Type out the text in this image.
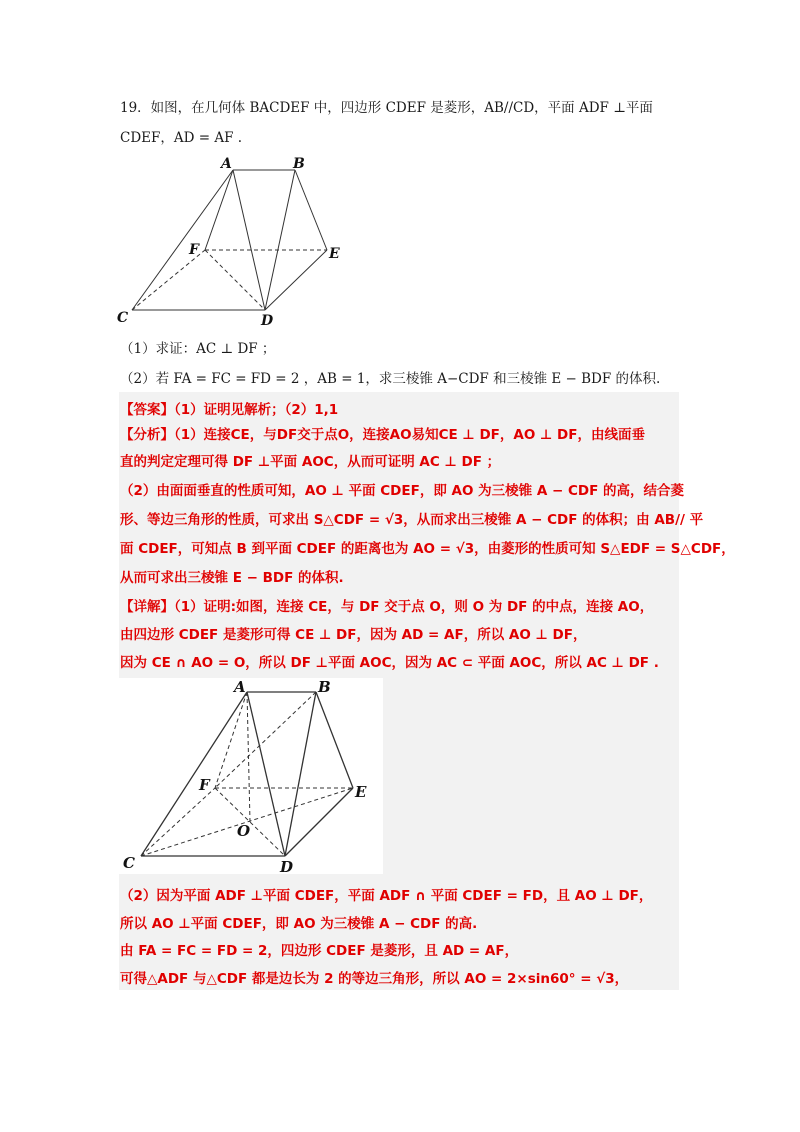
19．如图，在几何体 BACDEF 中，四边形 CDEF 是菱形，AB//CD，平面 ADF ⊥平面
CDEF，AD = AF .
A	B
C	D
E
F
（1）求证：AC ⊥ DF ；
（2）若 FA = FC = FD = 2 ，AB = 1，求三棱锥 A−CDF 和三棱锥 E − BDF 的体积.
【答案】（1）证明见解析；（2）1,1
【分析】（1）连接CE，与DF交于点O，连接AO易知CE ⊥ DF，AO ⊥ DF，由线面垂
直的判定定理可得 DF ⊥平面 AOC，从而可证明 AC ⊥ DF ；
（2）由面面垂直的性质可知，AO ⊥ 平面 CDEF，即 AO 为三棱锥 A − CDF 的高，结合菱
形、等边三角形的性质，可求出 S△CDF = √3，从而求出三棱锥 A − CDF 的体积；由 AB// 平
面 CDEF，可知点 B 到平面 CDEF 的距离也为 AO = √3，由菱形的性质可知 S△EDF = S△CDF，
从而可求出三棱锥 E − BDF 的体积.
【详解】（1）证明:如图，连接 CE，与 DF 交于点 O，则 O 为 DF 的中点，连接 AO，
由四边形 CDEF 是菱形可得 CE ⊥ DF，因为 AD = AF，所以 AO ⊥ DF，
因为 CE ∩ AO = O，所以 DF ⊥平面 AOC，因为 AC ⊂ 平面 AOC，所以 AC ⊥ DF .
A	B
C	D
E
F
O
（2）因为平面 ADF ⊥平面 CDEF，平面 ADF ∩ 平面 CDEF = FD，且 AO ⊥ DF，
所以 AO ⊥平面 CDEF，即 AO 为三棱锥 A − CDF 的高.
由 FA = FC = FD = 2，四边形 CDEF 是菱形，且 AD = AF，
可得△ADF 与△CDF 都是边长为 2 的等边三角形，所以 AO = 2×sin60° = √3，
